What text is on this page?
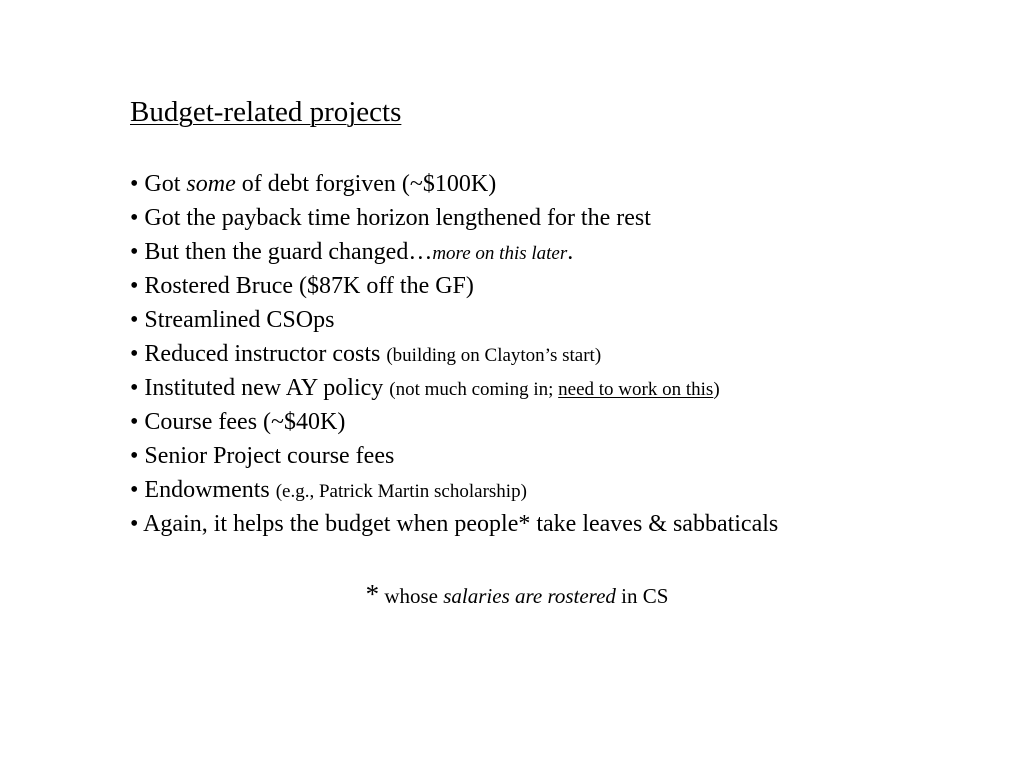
Budget-related projects
• Got some of debt forgiven (~$100K)
• Got the payback time horizon lengthened for the rest
• But then the guard changed…more on this later.
• Rostered Bruce ($87K off the GF)
• Streamlined CSOps
• Reduced instructor costs (building on Clayton’s start)
• Instituted new AY policy (not much coming in; need to work on this)
• Course fees (~$40K)
• Senior Project course fees
• Endowments (e.g., Patrick Martin scholarship)
• Again, it helps the budget when people* take leaves & sabbaticals
* whose salaries are rostered in CS
